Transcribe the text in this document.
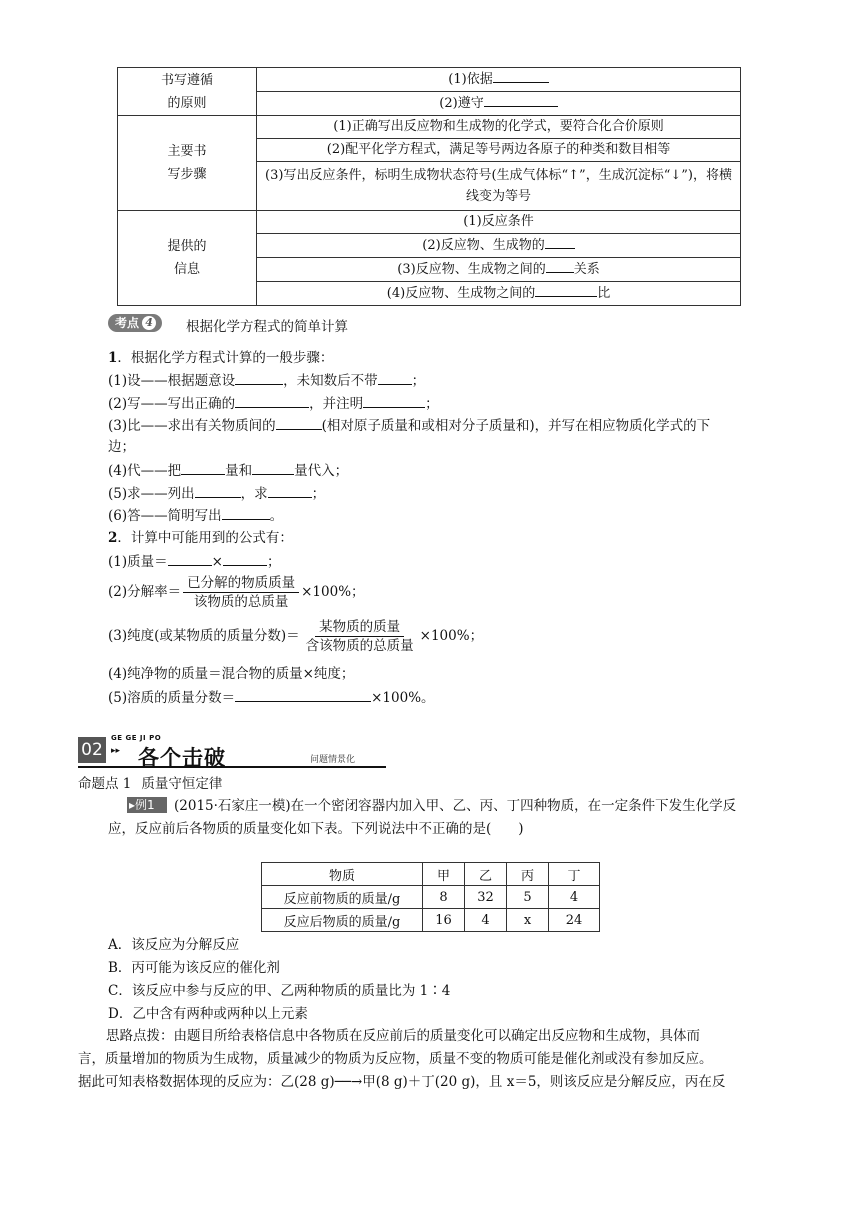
书写遵循
的原则	(1)依据
	(2)遵守

主要书
写步骤	(1)正确写出反应物和生成物的化学式，要符合化合价原则
	(2)配平化学方程式，满足等号两边各原子的种类和数目相等
	(3)写出反应条件，标明生成物状态符号(生成气体标“↑”，生成沉淀标“↓”)，将横线变为等号

提供的
信息	(1)反应条件
	(2)反应物、生成物的
	(3)反应物、生成物之间的 关系
	(4)反应物、生成物之间的 比
考点 4 根据化学方程式的简单计算
1．根据化学方程式计算的一般步骤：
(1)设——根据题意设	，未知数后不带	；
(2)写——写出正确的	，并注明	；
(3)比——求出有关物质间的	(相对原子质量和或相对分子质量和)，并写在相应物质化学式的下
边；
(4)代——把	量和	量代入；
(5)求——列出	，求	；
(6)答——简明写出	。
2．计算中可能用到的公式有：
(1)质量＝	×	；
(2)分解率＝ $\frac{\text{已分解的物质质量}}{\text{该物质的总质量}} \times 100\%$；
(3)纯度(或某物质的质量分数)＝ $\frac{\text{某物质的质量}}{\text{含该物质的总质量}} \times 100\%$；
(4)纯净物的质量＝混合物的质量×纯度；
(5)溶质的质量分数＝	×100%。
02
GE GE JI PO
▸▸ 各个击破	问题情景化
命题点 1 质量守恒定律
▸例1	(2015·石家庄一模)在一个密闭容器内加入甲、乙、丙、丁四种物质，在一定条件下发生化学反
应，反应前后各物质的质量变化如下表。下列说法中不正确的是(　　)
物质	甲	乙	丙	丁
反应前物质的质量/g	8	32	5	4
反应后物质的质量/g	16	4	x	24
A．该反应为分解反应
B．丙可能为该反应的催化剂
C．该反应中参与反应的甲、乙两种物质的质量比为 1∶4
D．乙中含有两种或两种以上元素
思路点拨：由题目所给表格信息中各物质在反应前后的质量变化可以确定出反应物和生成物，具体而
言，质量增加的物质为生成物，质量减少的物质为反应物，质量不变的物质可能是催化剂或没有参加反应。
据此可知表格数据体现的反应为：乙(28 g)──→甲(8 g)＋丁(20 g)，且 x＝5，则该反应是分解反应，丙在反
